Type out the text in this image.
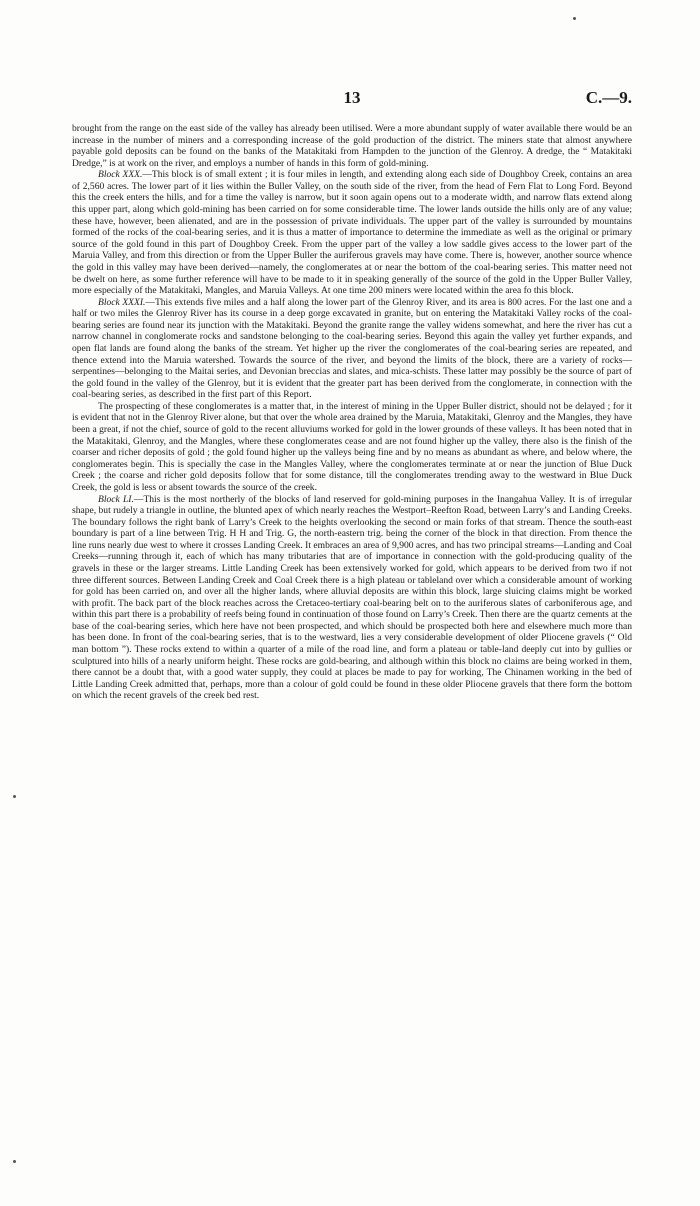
13	C.—9.

brought from the range on the east side of the valley has already been utilised. Were a more abundant supply of water available there would be an increase in the number of miners and a corresponding increase of the gold production of the district. The miners state that almost anywhere payable gold deposits can be found on the banks of the Matakitaki from Hampden to the junction of the Glenroy. A dredge, the “ Matakitaki Dredge,” is at work on the river, and employs a number of hands in this form of gold-mining.

Block XXX.—This block is of small extent ; it is four miles in length, and extending along each side of Doughboy Creek, contains an area of 2,560 acres. The lower part of it lies within the Buller Valley, on the south side of the river, from the head of Fern Flat to Long Ford. Beyond this the creek enters the hills, and for a time the valley is narrow, but it soon again opens out to a moderate width, and narrow flats extend along this upper part, along which gold-mining has been carried on for some considerable time. The lower lands outside the hills only are of any value; these have, however, been alienated, and are in the possession of private individuals. The upper part of the valley is surrounded by mountains formed of the rocks of the coal-bearing series, and it is thus a matter of importance to determine the immediate as well as the original or primary source of the gold found in this part of Doughboy Creek. From the upper part of the valley a low saddle gives access to the lower part of the Maruia Valley, and from this direction or from the Upper Buller the auriferous gravels may have come. There is, however, another source whence the gold in this valley may have been derived—namely, the conglomerates at or near the bottom of the coal-bearing series. This matter need not be dwelt on here, as some further reference will have to be made to it in speaking generally of the source of the gold in the Upper Buller Valley, more especially of the Matakitaki, Mangles, and Maruia Valleys. At one time 200 miners were located within the area fo this block.

Block XXXI.—This extends five miles and a half along the lower part of the Glenroy River, and its area is 800 acres. For the last one and a half or two miles the Glenroy River has its course in a deep gorge excavated in granite, but on entering the Matakitaki Valley rocks of the coal-bearing series are found near its junction with the Matakitaki. Beyond the granite range the valley widens somewhat, and here the river has cut a narrow channel in conglomerate rocks and sandstone belonging to the coal-bearing series. Beyond this again the valley yet further expands, and open flat lands are found along the banks of the stream. Yet higher up the river the conglomerates of the coal-bearing series are repeated, and thence extend into the Maruia watershed. Towards the source of the river, and beyond the limits of the block, there are a variety of rocks—serpentines—belonging to the Maitai series, and Devonian breccias and slates, and mica-schists. These latter may possibly be the source of part of the gold found in the valley of the Glenroy, but it is evident that the greater part has been derived from the conglomerate, in connection with the coal-bearing series, as described in the first part of this Report.

The prospecting of these conglomerates is a matter that, in the interest of mining in the Upper Buller district, should not be delayed ; for it is evident that not in the Glenroy River alone, but that over the whole area drained by the Maruia, Matakitaki, Glenroy and the Mangles, they have been a great, if not the chief, source of gold to the recent alluviums worked for gold in the lower grounds of these valleys. It has been noted that in the Matakitaki, Glenroy, and the Mangles, where these conglomerates cease and are not found higher up the valley, there also is the finish of the coarser and richer deposits of gold ; the gold found higher up the valleys being fine and by no means as abundant as where, and below where, the conglomerates begin. This is specially the case in the Mangles Valley, where the conglomerates terminate at or near the junction of Blue Duck Creek ; the coarse and richer gold deposits follow that for some distance, till the conglomerates trending away to the westward in Blue Duck Creek, the gold is less or absent towards the source of the creek.

Block LI.—This is the most northerly of the blocks of land reserved for gold-mining purposes in the Inangahua Valley. It is of irregular shape, but rudely a triangle in outline, the blunted apex of which nearly reaches the Westport–Reefton Road, between Larry’s and Landing Creeks. The boundary follows the right bank of Larry’s Creek to the heights overlooking the second or main forks of that stream. Thence the south-east boundary is part of a line between Trig. H H and Trig. G, the north-eastern trig. being the corner of the block in that direction. From thence the line runs nearly due west to where it crosses Landing Creek. It embraces an area of 9,900 acres, and has two principal streams—Landing and Coal Creeks—running through it, each of which has many tributaries that are of importance in connection with the gold-producing quality of the gravels in these or the larger streams. Little Landing Creek has been extensively worked for gold, which appears to be derived from two if not three different sources. Between Landing Creek and Coal Creek there is a high plateau or tableland over which a considerable amount of working for gold has been carried on, and over all the higher lands, where alluvial deposits are within this block, large sluicing claims might be worked with profit. The back part of the block reaches across the Cretaceo-tertiary coal-bearing belt on to the auriferous slates of carboniferous age, and within this part there is a probability of reefs being found in continuation of those found on Larry’s Creek. Then there are the quartz cements at the base of the coal-bearing series, which here have not been prospected, and which should be prospected both here and elsewhere much more than has been done. In front of the coal-bearing series, that is to the westward, lies a very considerable development of older Pliocene gravels (“ Old man bottom ”). These rocks extend to within a quarter of a mile of the road line, and form a plateau or table-land deeply cut into by gullies or sculptured into hills of a nearly uniform height. These rocks are gold-bearing, and although within this block no claims are being worked in them, there cannot be a doubt that, with a good water supply, they could at places be made to pay for working, The Chinamen working in the bed of Little Landing Creek admitted that, perhaps, more than a colour of gold could be found in these older Pliocene gravels that there form the bottom on which the recent gravels of the creek bed rest.
